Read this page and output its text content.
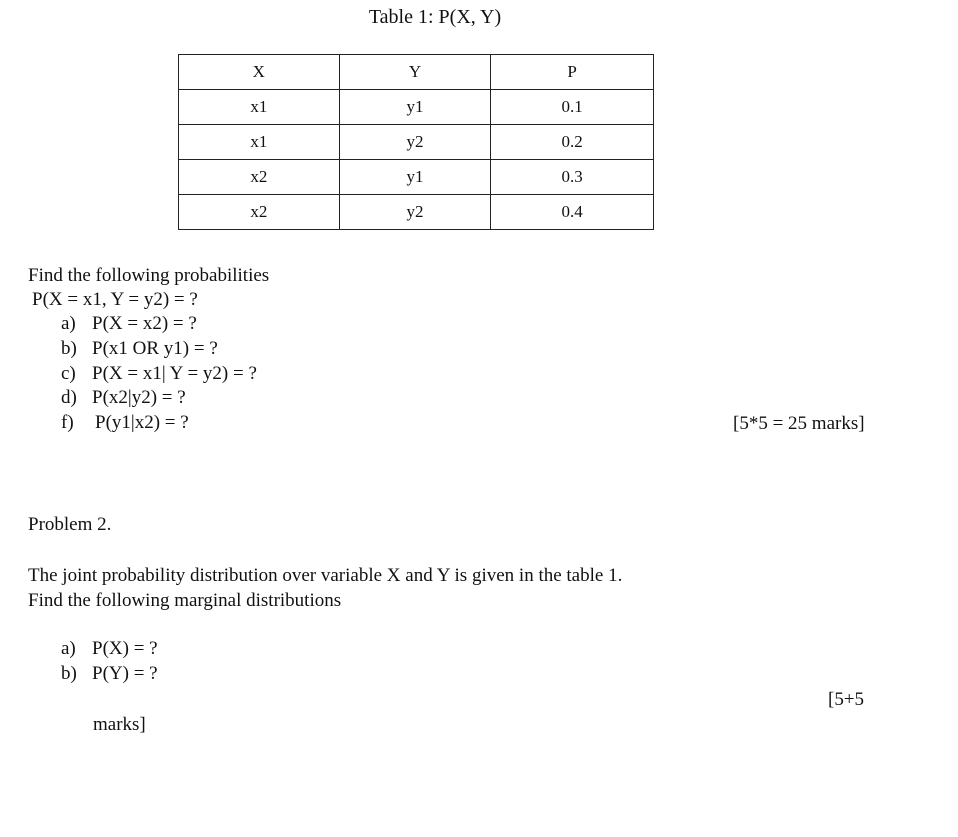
Table 1: P(X, Y)
X	Y	P
x1	y1	0.1
x1	y2	0.2
x2	y1	0.3
x2	y2	0.4
Find the following probabilities
P(X = x1, Y = y2) = ?
a) P(X = x2) = ?
b) P(x1 OR y1) = ?
c) P(X = x1| Y = y2) = ?
d) P(x2|y2) = ?
f) P(y1|x2) = ?	[5*5 = 25 marks]
Problem 2.
The joint probability distribution over variable X and Y is given in the table 1.
Find the following marginal distributions
a) P(X) = ?
b) P(Y) = ?
[5+5
marks]
